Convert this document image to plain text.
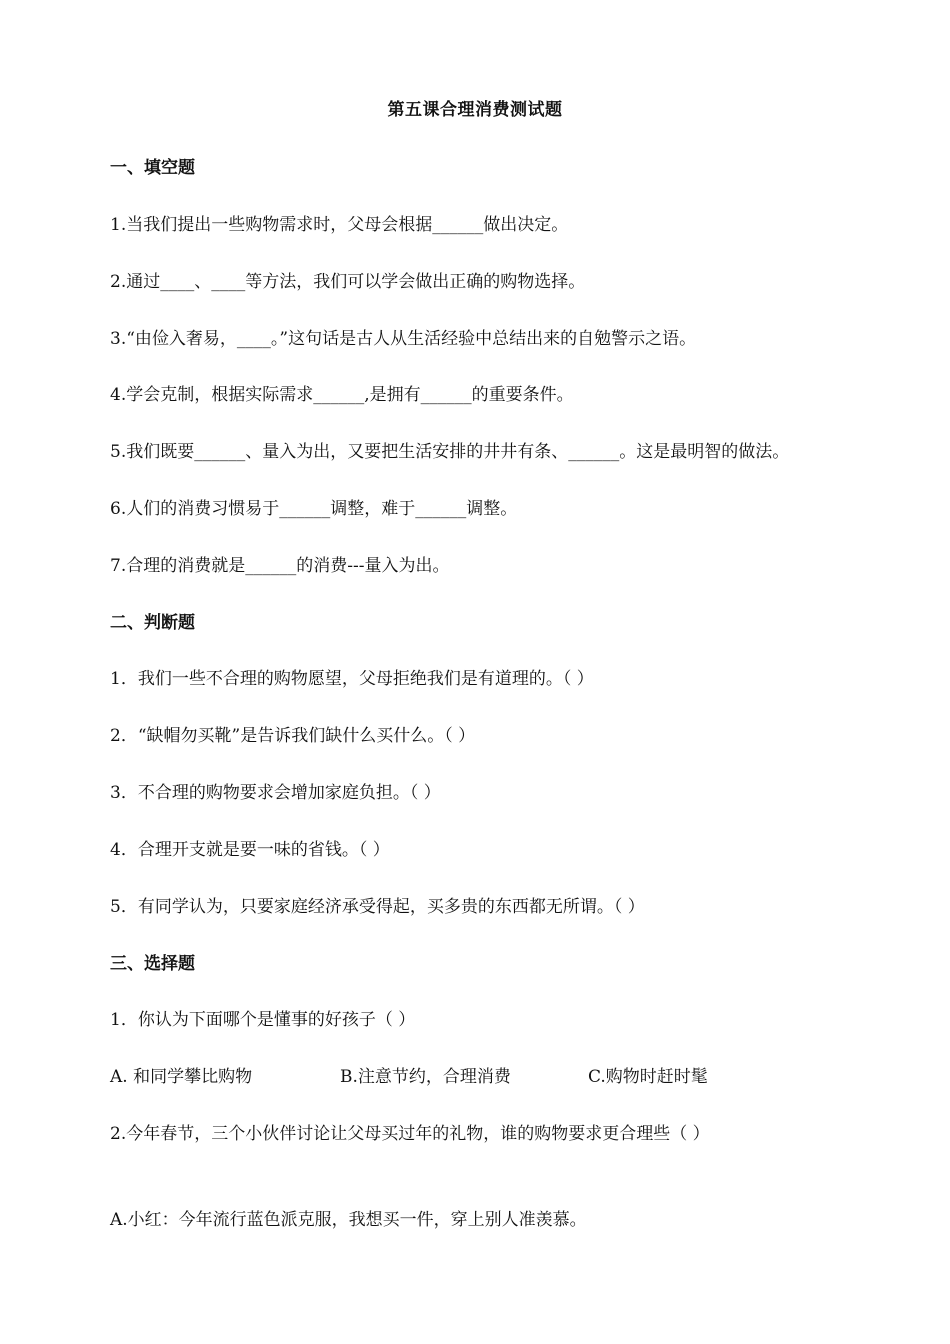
第五课合理消费测试题
一、填空题
1.当我们提出一些购物需求时，父母会根据______做出决定。
2.通过____、____等方法，我们可以学会做出正确的购物选择。
3.“由俭入奢易，____。”这句话是古人从生活经验中总结出来的自勉警示之语。
4.学会克制，根据实际需求______,是拥有______的重要条件。
5.我们既要______、量入为出，又要把生活安排的井井有条、______。这是最明智的做法。
6.人们的消费习惯易于______调整，难于______调整。
7.合理的消费就是______的消费---量入为出。
二、判断题
1．我们一些不合理的购物愿望，父母拒绝我们是有道理的。（ ）
2．“缺帽勿买靴”是告诉我们缺什么买什么。（ ）
3．不合理的购物要求会增加家庭负担。（ ）
4．合理开支就是要一味的省钱。（ ）
5．有同学认为，只要家庭经济承受得起，买多贵的东西都无所谓。（ ）
三、选择题
1．你认为下面哪个是懂事的好孩子（ ）
A. 和同学攀比购物	B.注意节约，合理消费	C.购物时赶时髦
2.今年春节，三个小伙伴讨论让父母买过年的礼物，谁的购物要求更合理些（ ）
A.小红：今年流行蓝色派克服，我想买一件，穿上别人准羡慕。
